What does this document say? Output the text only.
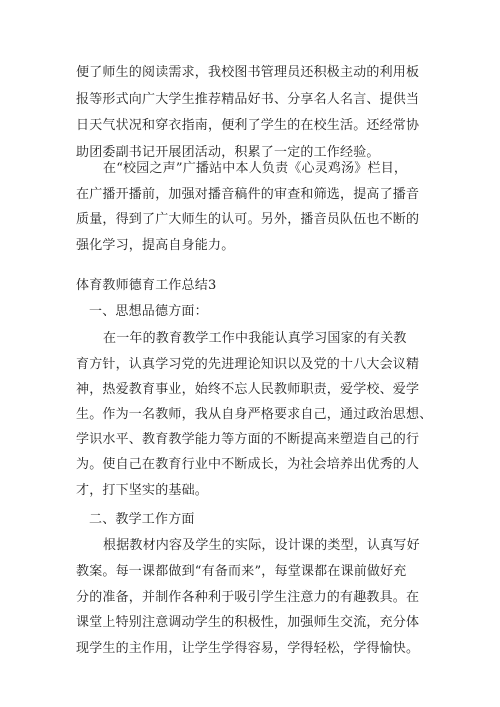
便了师生的阅读需求，我校图书管理员还积极主动的利用板
报等形式向广大学生推荐精品好书、分享名人名言、提供当
日天气状况和穿衣指南，便利了学生的在校生活。还经常协
助团委副书记开展团活动，积累了一定的工作经验。
在“校园之声”广播站中本人负责《心灵鸡汤》栏目，
在广播开播前，加强对播音稿件的审查和筛选，提高了播音
质量，得到了广大师生的认可。另外，播音员队伍也不断的
强化学习，提高自身能力。
体育教师德育工作总结3
一、思想品德方面：
在一年的教育教学工作中我能认真学习国家的有关教
育方针，认真学习党的先进理论知识以及党的十八大会议精
神，热爱教育事业，始终不忘人民教师职责，爱学校、爱学
生。作为一名教师，我从自身严格要求自己，通过政治思想、
学识水平、教育教学能力等方面的不断提高来塑造自己的行
为。使自己在教育行业中不断成长，为社会培养出优秀的人
才，打下坚实的基础。
二、教学工作方面
根据教材内容及学生的实际，设计课的类型，认真写好
教案。每一课都做到“有备而来”，每堂课都在课前做好充
分的准备，并制作各种利于吸引学生注意力的有趣教具。在
课堂上特别注意调动学生的积极性，加强师生交流，充分体
现学生的主作用，让学生学得容易，学得轻松，学得愉快。
